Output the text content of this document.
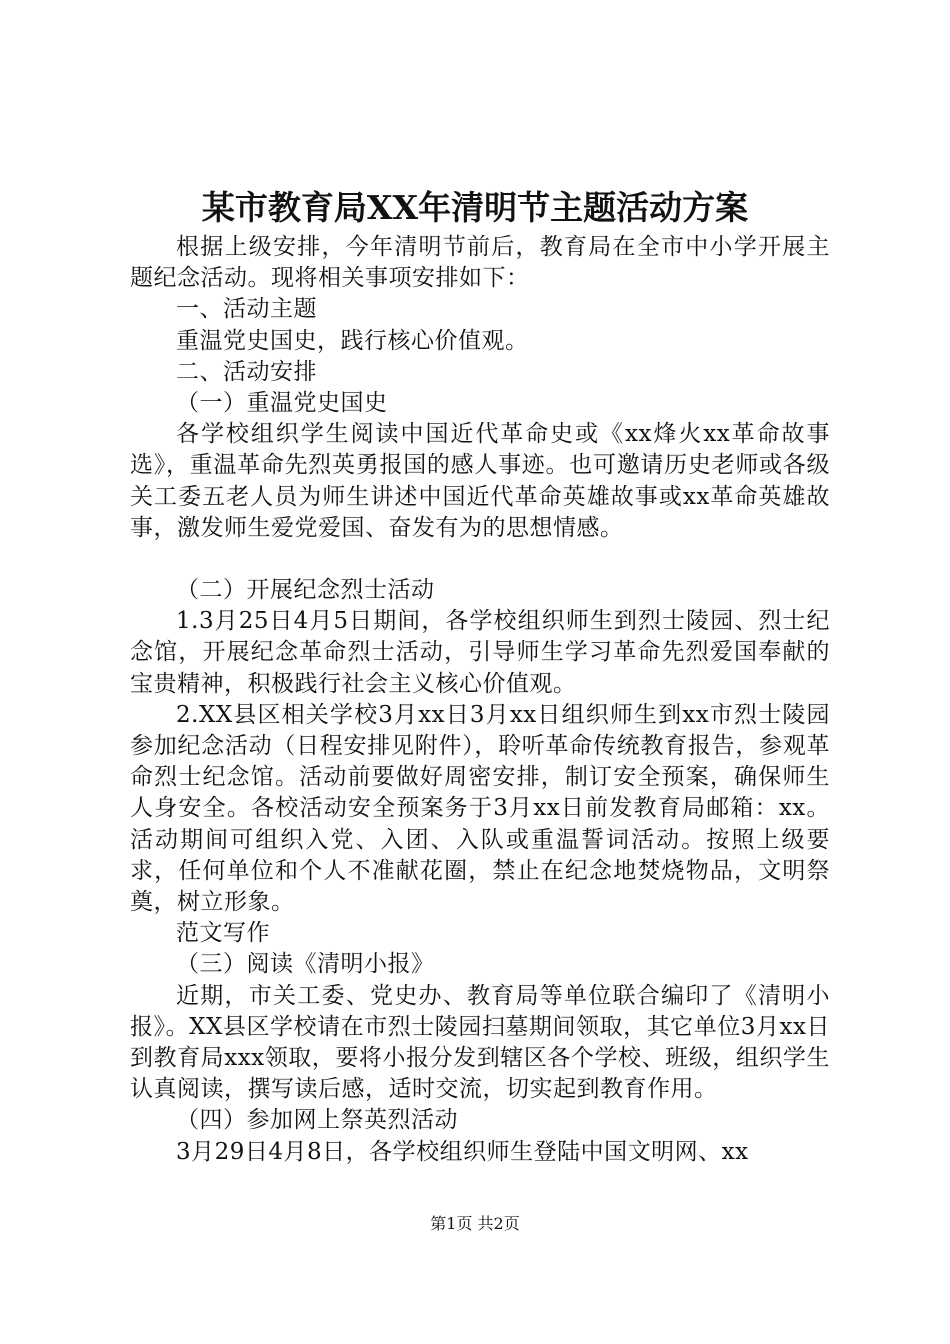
某市教育局XX年清明节主题活动方案

根据上级安排，今年清明节前后，教育局在全市中小学开展主题纪念活动。现将相关事项安排如下：

一、活动主题

重温党史国史，践行核心价值观。

二、活动安排

（一）重温党史国史

各学校组织学生阅读中国近代革命史或《xx烽火xx革命故事选》，重温革命先烈英勇报国的感人事迹。也可邀请历史老师或各级关工委五老人员为师生讲述中国近代革命英雄故事或xx革命英雄故事，激发师生爱党爱国、奋发有为的思想情感。

（二）开展纪念烈士活动

1.3月25日4月5日期间，各学校组织师生到烈士陵园、烈士纪念馆，开展纪念革命烈士活动，引导师生学习革命先烈爱国奉献的宝贵精神，积极践行社会主义核心价值观。

2.XX县区相关学校3月xx日3月xx日组织师生到xx市烈士陵园参加纪念活动（日程安排见附件），聆听革命传统教育报告，参观革命烈士纪念馆。活动前要做好周密安排，制订安全预案，确保师生人身安全。各校活动安全预案务于3月xx日前发教育局邮箱：xx。活动期间可组织入党、入团、入队或重温誓词活动。按照上级要求，任何单位和个人不准献花圈，禁止在纪念地焚烧物品，文明祭奠，树立形象。

范文写作

（三）阅读《清明小报》

近期，市关工委、党史办、教育局等单位联合编印了《清明小报》。XX县区学校请在市烈士陵园扫墓期间领取，其它单位3月xx日到教育局xxx领取，要将小报分发到辖区各个学校、班级，组织学生认真阅读，撰写读后感，适时交流，切实起到教育作用。

（四）参加网上祭英烈活动

3月29日4月8日，各学校组织师生登陆中国文明网、xx

第1页 共2页
